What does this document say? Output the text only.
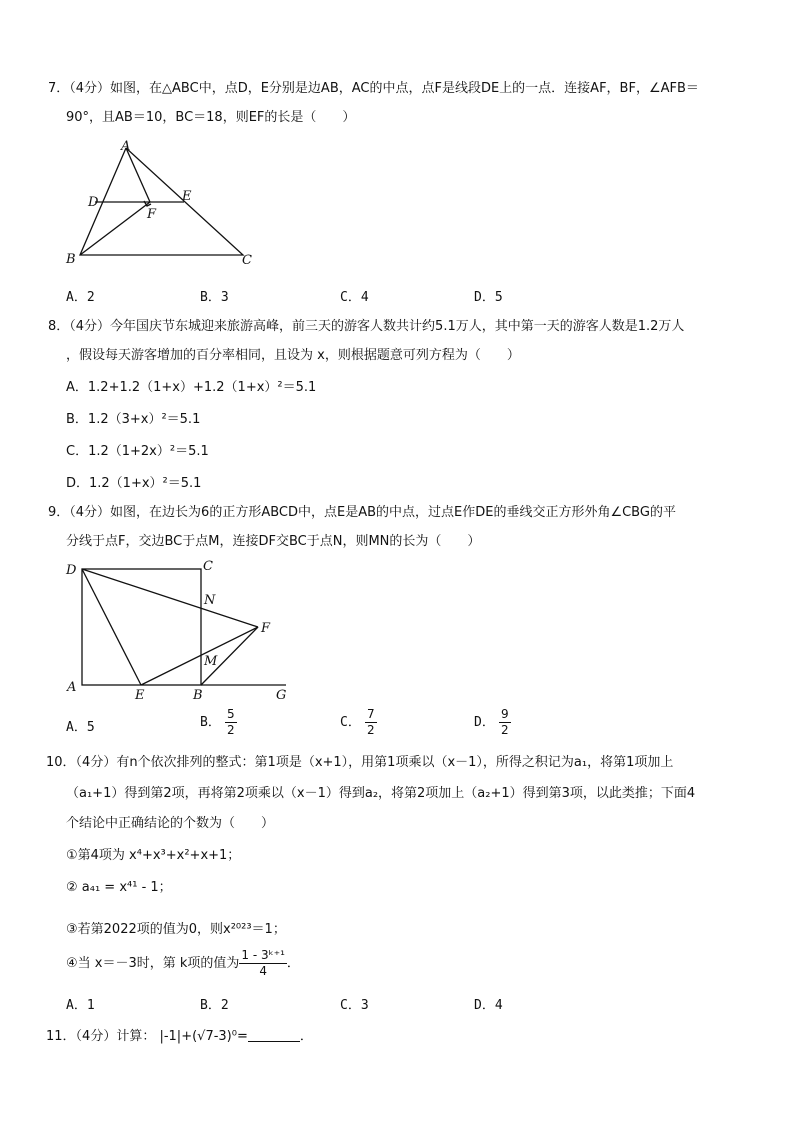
7．（4分）如图，在△ABC中，点D，E分别是边AB，AC的中点，点F是线段DE上的一点．连接AF，BF，∠AFB＝
90°，且AB＝10，BC＝18，则EF的长是（　　）
A
D	E
F
B	C
A．2	B．3	C．4	D．5
8．（4分）今年国庆节东城迎来旅游高峰，前三天的游客人数共计约5.1万人，其中第一天的游客人数是1.2万人
，假设每天游客增加的百分率相同，且设为 x，则根据题意可列方程为（　　）
A．1.2+1.2（1+x）+1.2（1+x）²＝5.1
B．1.2（3+x）²＝5.1
C．1.2（1+2x）²＝5.1
D．1.2（1+x）²＝5.1
9．（4分）如图，在边长为6的正方形ABCD中，点E是AB的中点，过点E作DE的垂线交正方形外角∠CBG的平
分线于点F，交边BC于点M，连接DF交BC于点N，则MN的长为（　　）
D	C
N
F
M
A
E	B	G
A．5	B． $\frac{5}{2}$	C． $\frac{7}{2}$	D． $\frac{9}{2}$
10．（4分）有n个依次排列的整式：第1项是（x+1），用第1项乘以（x－1），所得之积记为a₁，将第1项加上
（a₁+1）得到第2项，再将第2项乘以（x－1）得到a₂，将第2项加上（a₂+1）得到第3项，以此类推；下面4
个结论中正确结论的个数为（　　）
①第4项为 x⁴+x³+x²+x+1；
② a₄₁ = x⁴¹ - 1；
③若第2022项的值为0，则x²⁰²³＝1；
④当 x＝－3时，第 k项的值为 $\frac{\text{1 - 3ᵏ⁺¹}}{4}$ ．
A．1	B．2	C．3	D．4
11．（4分）计算： |-1|+(√7-3)⁰=	．
